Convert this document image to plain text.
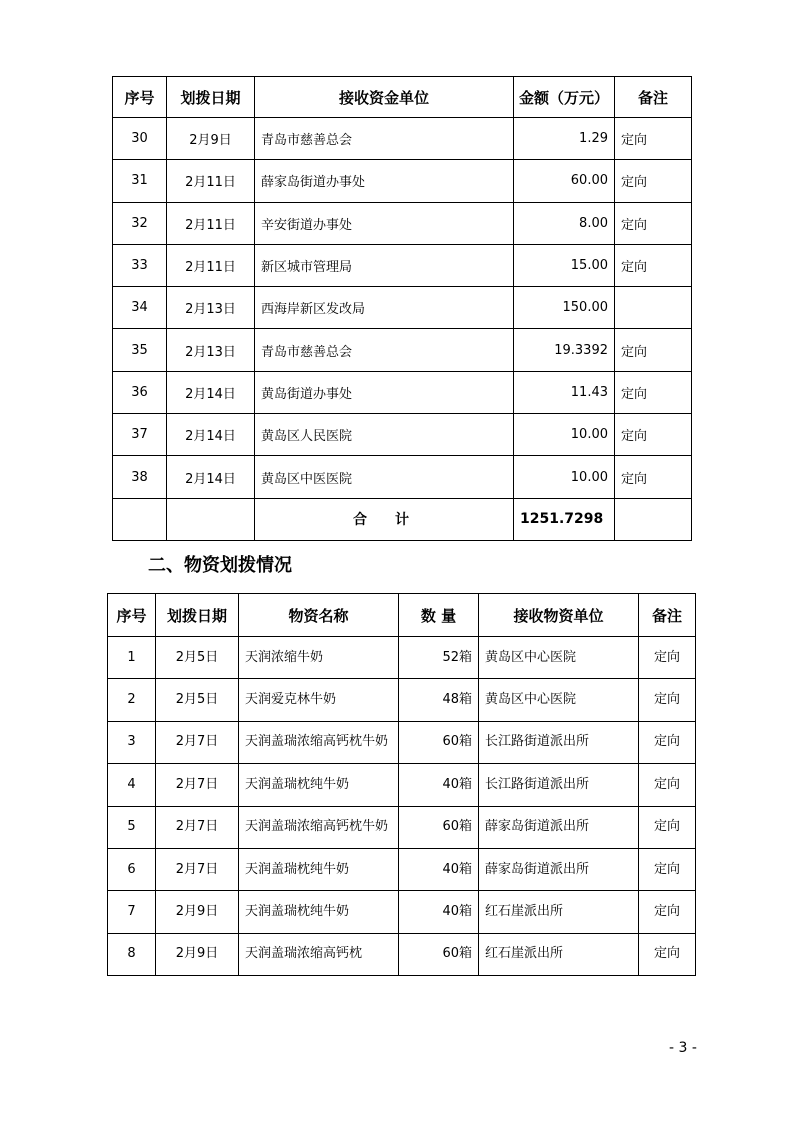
序号	划拨日期	接收资金单位	金额（万元）	备注
30	2月9日	青岛市慈善总会	1.29	定向
31	2月11日	薛家岛街道办事处	60.00	定向
32	2月11日	辛安街道办事处	8.00	定向
33	2月11日	新区城市管理局	15.00	定向
34	2月13日	西海岸新区发改局	150.00	
35	2月13日	青岛市慈善总会	19.3392	定向
36	2月14日	黄岛街道办事处	11.43	定向
37	2月14日	黄岛区人民医院	10.00	定向
38	2月14日	黄岛区中医医院	10.00	定向
		合计	1251.7298	
二、物资划拨情况
序号	划拨日期	物资名称	数 量	接收物资单位	备注
1	2月5日	天润浓缩牛奶	52箱	黄岛区中心医院	定向
2	2月5日	天润爱克林牛奶	48箱	黄岛区中心医院	定向
3	2月7日	天润盖瑞浓缩高钙枕牛奶	60箱	长江路街道派出所	定向
4	2月7日	天润盖瑞枕纯牛奶	40箱	长江路街道派出所	定向
5	2月7日	天润盖瑞浓缩高钙枕牛奶	60箱	薛家岛街道派出所	定向
6	2月7日	天润盖瑞枕纯牛奶	40箱	薛家岛街道派出所	定向
7	2月9日	天润盖瑞枕纯牛奶	40箱	红石崖派出所	定向
8	2月9日	天润盖瑞浓缩高钙枕	60箱	红石崖派出所	定向
- 3 -
